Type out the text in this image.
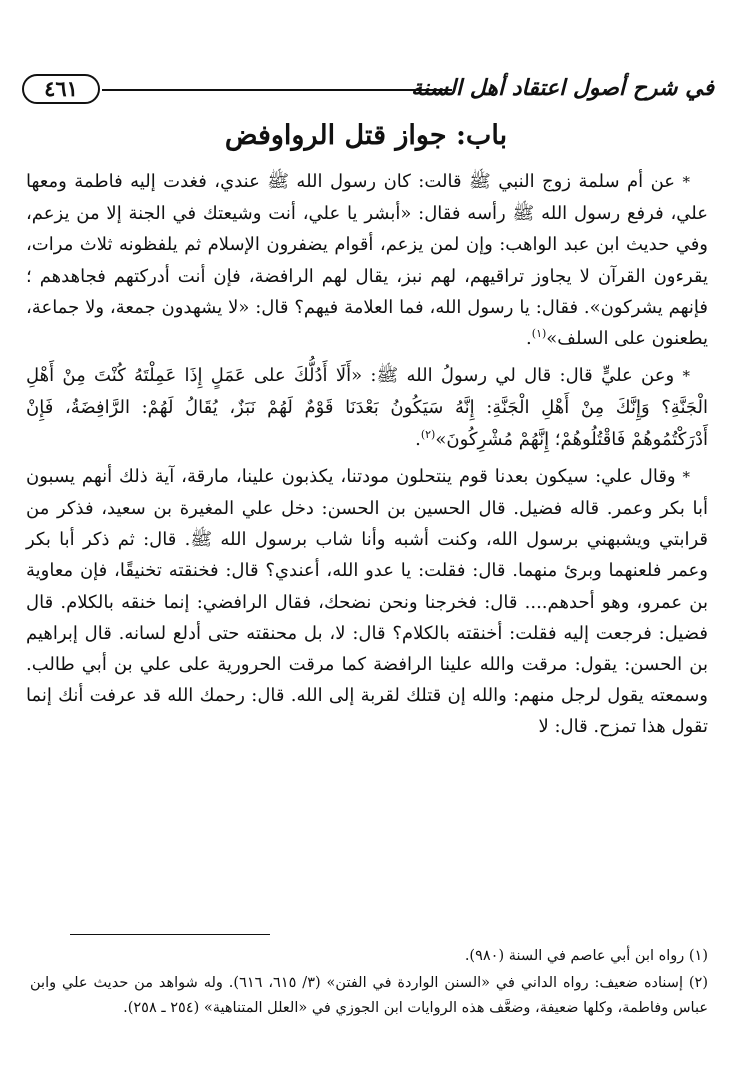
٤٦١	في شرح أصول اعتقاد أهل السنة
باب: جواز قتل الرواوفض

* عن أم سلمة زوج النبي ﷺ قالت: كان رسول الله ﷺ عندي، فغدت إليه فاطمة ومعها علي، فرفع رسول الله ﷺ رأسه فقال: «أبشر يا علي، أنت وشيعتك في الجنة إلا من يزعم، وفي حديث ابن عبد الواهب: وإن لمن يزعم، أقوام يضفرون الإسلام ثم يلفظونه ثلاث مرات، يقرءون القرآن لا يجاوز تراقيهم، لهم نبز، يقال لهم الرافضة، فإن أنت أدركتهم فجاهدهم ؛ فإنهم يشركون». فقال: يا رسول الله، فما العلامة فيهم؟ قال: «لا يشهدون جمعة، ولا جماعة، يطعنون على السلف»$^{(١)}$.

* وعن عليٍّ قال: قال لي رسولُ الله ﷺ: «أَلَا أَدُلُّكَ على عَمَلٍ إِذَا عَمِلْتَهُ كُنْتَ مِنْ أَهْلِ الْجَنَّةِ؟ وَإِنَّكَ مِنْ أَهْلِ الْجَنَّةِ: إِنَّهُ سَيَكُونُ بَعْدَنَا قَوْمٌ لَهُمْ نَبَزٌ، يُقَالُ لَهُمْ: الرَّافِضَةُ، فَإِنْ أَدْرَكْتُمُوهُمْ فَاقْتُلُوهُمْ؛ إِنَّهُمْ مُشْرِكُونَ»$^{(٢)}$.

* وقال علي: سيكون بعدنا قوم ينتحلون مودتنا، يكذبون علينا، مارقة، آية ذلك أنهم يسبون أبا بكر وعمر. قاله فضيل. قال الحسين بن الحسن: دخل علي المغيرة بن سعيد، فذكر من قرابتي ويشبهني برسول الله، وكنت أشبه وأنا شاب برسول الله ﷺ. قال: ثم ذكر أبا بكر وعمر فلعنهما وبرئ منهما. قال: فقلت: يا عدو الله، أعندي؟ قال: فخنقته تخنيقًا، فإن معاوية بن عمرو، وهو أحدهم.... قال: فخرجنا ونحن نضحك، فقال الرافضي: إنما خنقه بالكلام. قال فضيل: فرجعت إليه فقلت: أخنقته بالكلام؟ قال: لا، بل محنقته حتى أدلع لسانه. قال إبراهيم بن الحسن: يقول: مرقت والله علينا الرافضة كما مرقت الحرورية على علي بن أبي طالب. وسمعته يقول لرجل منهم: والله إن قتلك لقربة إلى الله. قال: رحمك الله قد عرفت أنك إنما تقول هذا تمزح. قال: لا

(١) رواه ابن أبي عاصم في السنة (٩٨٠).

(٢) إسناده ضعيف: رواه الداني في «السنن الواردة في الفتن» (٣/ ٦١٥، ٦١٦). وله شواهد من حديث علي وابن عباس وفاطمة، وكلها ضعيفة، وضعَّف هذه الروايات ابن الجوزي في «العلل المتناهية» (٢٥٤ ـ ٢٥٨).
